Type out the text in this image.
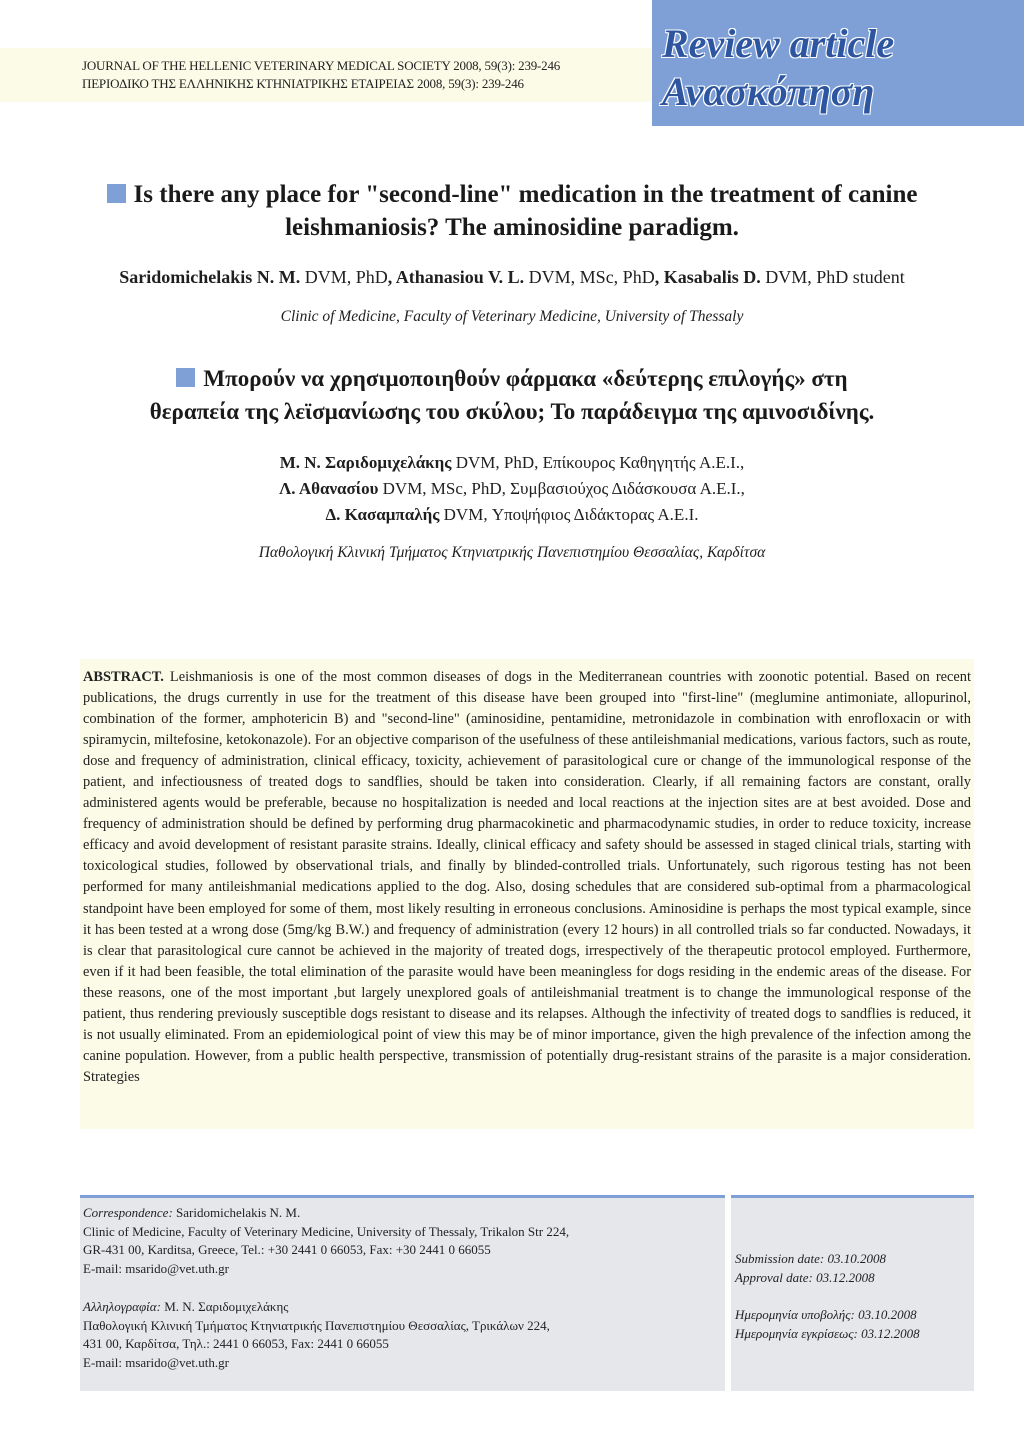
JOURNAL OF THE HELLENIC VETERINARY MEDICAL SOCIETY 2008, 59(3): 239-246
ΠΕΡΙΟΔΙΚΟ ΤΗΣ ΕΛΛΗΝΙΚΗΣ ΚΤΗΝΙΑΤΡΙΚΗΣ ΕΤΑΙΡΕΙΑΣ 2008, 59(3): 239-246
Review article
Ανασκόπηση
Is there any place for "second-line" medication in the treatment of canine
leishmaniosis? The aminosidine paradigm.
Saridomichelakis N. M. DVM, PhD, Athanasiou V. L. DVM, MSc, PhD, Kasabalis D. DVM, PhD student
Clinic of Medicine, Faculty of Veterinary Medicine, University of Thessaly
Μπορούν να χρησιμοποιηθούν φάρμακα «δεύτερης επιλογής» στη
θεραπεία της λεϊσμανίωσης του σκύλου; Το παράδειγμα της αμινοσιδίνης.
Μ. Ν. Σαριδομιχελάκης DVM, PhD, Επίκουρος Καθηγητής Α.Ε.Ι.,
Λ. Αθανασίου DVM, MSc, PhD, Συμβασιούχος Διδάσκουσα Α.Ε.Ι.,
Δ. Κασαμπαλής DVM, Υποψήφιος Διδάκτορας Α.Ε.Ι.
Παθολογική Κλινική Τμήματος Κτηνιατρικής Πανεπιστημίου Θεσσαλίας, Καρδίτσα

ABSTRACT. Leishmaniosis is one of the most common diseases of dogs in the Mediterranean countries with zoonotic potential. Based on recent publications, the drugs currently in use for the treatment of this disease have been grouped into "first-line" (meglumine antimoniate, allopurinol, combination of the former, amphotericin B) and "second-line" (aminosidine, pentamidine, metronidazole in combination with enrofloxacin or with spiramycin, miltefosine, ketokonazole). For an objective comparison of the usefulness of these antileishmanial medications, various factors, such as route, dose and frequency of administration, clinical efficacy, toxicity, achievement of parasitological cure or change of the immunological response of the patient, and infectiousness of treated dogs to sandflies, should be taken into consideration. Clearly, if all remaining factors are constant, orally administered agents would be preferable, because no hospitalization is needed and local reactions at the injection sites are at best avoided. Dose and frequency of administration should be defined by performing drug pharmacokinetic and pharmacodynamic studies, in order to reduce toxicity, increase efficacy and avoid development of resistant parasite strains. Ideally, clinical efficacy and safety should be assessed in staged clinical trials, starting with toxicological studies, followed by observational trials, and finally by blinded-controlled trials. Unfortunately, such rigorous testing has not been performed for many antileishmanial medications applied to the dog. Also, dosing schedules that are considered sub-optimal from a pharmacological standpoint have been employed for some of them, most likely resulting in erroneous conclusions. Aminosidine is perhaps the most typical example, since it has been tested at a wrong dose (5mg/kg B.W.) and frequency of administration (every 12 hours) in all controlled trials so far conducted. Nowadays, it is clear that parasitological cure cannot be achieved in the majority of treated dogs, irrespectively of the therapeutic protocol employed. Furthermore, even if it had been feasible, the total elimination of the parasite would have been meaningless for dogs residing in the endemic areas of the disease. For these reasons, one of the most important ,but largely unexplored goals of antileishmanial treatment is to change the immunological response of the patient, thus rendering previously susceptible dogs resistant to disease and its relapses. Although the infectivity of treated dogs to sandflies is reduced, it is not usually eliminated. From an epidemiological point of view this may be of minor importance, given the high prevalence of the infection among the canine population. However, from a public health perspective, transmission of potentially drug-resistant strains of the parasite is a major consideration. Strategies

Correspondence: Saridomichelakis N. M.
Clinic of Medicine, Faculty of Veterinary Medicine, University of Thessaly, Trikalon Str 224,
GR-431 00, Karditsa, Greece, Tel.: +30 2441 0 66053, Fax: +30 2441 0 66055
E-mail: msarido@vet.uth.gr
Αλληλογραφία: Μ. Ν. Σαριδομιχελάκης
Παθολογική Κλινική Τμήματος Κτηνιατρικής Πανεπιστημίου Θεσσαλίας, Τρικάλων 224,
431 00, Καρδίτσα, Τηλ.: 2441 0 66053, Fax: 2441 0 66055
E-mail: msarido@vet.uth.gr
Submission date: 03.10.2008
Approval date: 03.12.2008
Ημερομηνία υποβολής: 03.10.2008
Ημερομηνία εγκρίσεως: 03.12.2008
